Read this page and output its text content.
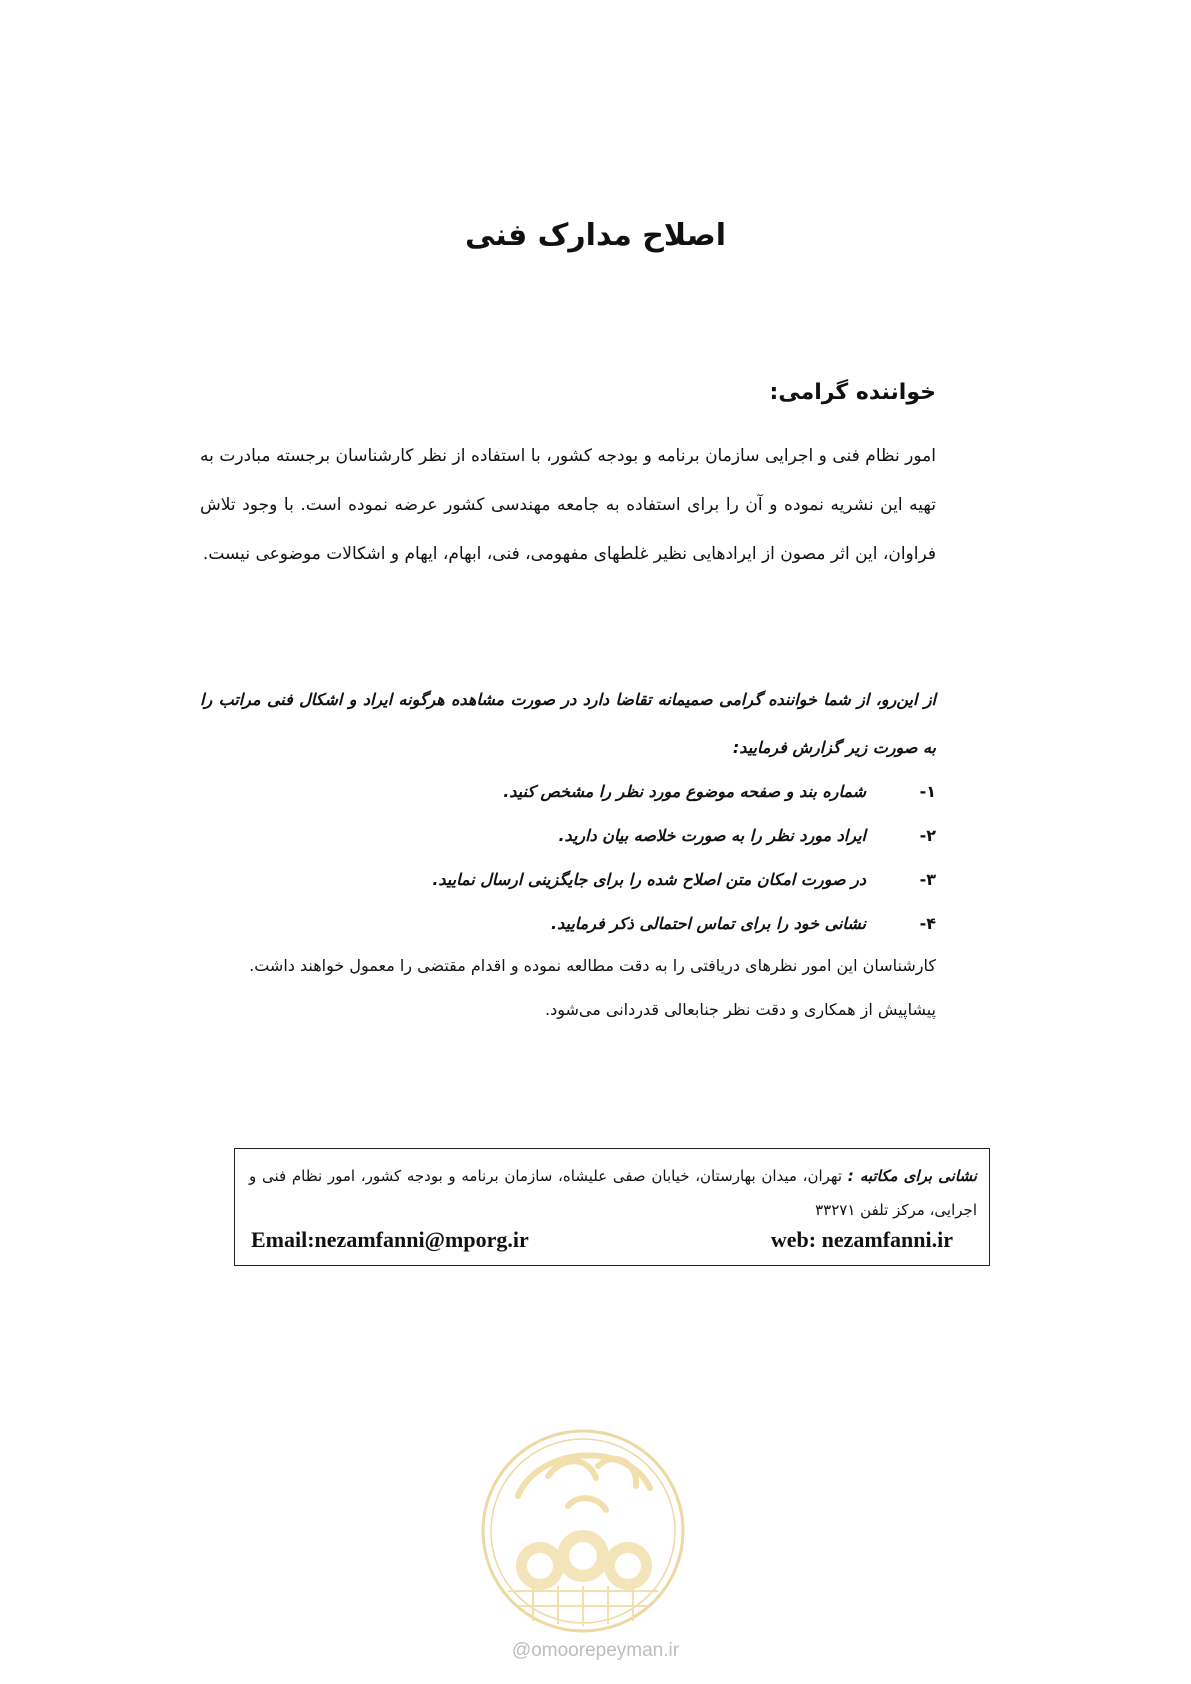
اصلاح مدارک فنی
خواننده گرامی:

امور نظام فنی و اجرایی سازمان برنامه و بودجه کشور، با استفاده از نظر کارشناسان برجسته مبادرت به تهیه این نشریه نموده و آن را برای استفاده به جامعه مهندسی کشور عرضه نموده است. با وجود تلاش فراوان، این اثر مصون از ایرادهایی نظیر غلطهای مفهومی، فنی، ابهام، ایهام و اشکالات موضوعی نیست.

از این‌رو، از شما خواننده گرامی صمیمانه تقاضا دارد در صورت مشاهده هرگونه ایراد و اشکال فنی مراتب را به صورت زیر گزارش فرمایید:

۱-
شماره بند و صفحه موضوع مورد نظر را مشخص کنید.
۲-
ایراد مورد نظر را به صورت خلاصه بیان دارید.
۳-
در صورت امکان متن اصلاح شده را برای جایگزینی ارسال نمایید.
۴-
نشانی خود را برای تماس احتمالی ذکر فرمایید.
کارشناسان این امور نظرهای دریافتی را به دقت مطالعه نموده و اقدام مقتضی را معمول خواهند داشت.
پیشاپیش از همکاری و دقت نظر جنابعالی قدردانی می‌شود.
نشانی برای مکاتبه : تهران، میدان بهارستان، خیابان صفی علیشاه، سازمان برنامه و بودجه کشور، امور نظام فنی و اجرایی، مرکز تلفن ۳۳۲۷۱
Email:nezamfanni@mporg.ir	web: nezamfanni.ir
@omoorepeyman.ir
